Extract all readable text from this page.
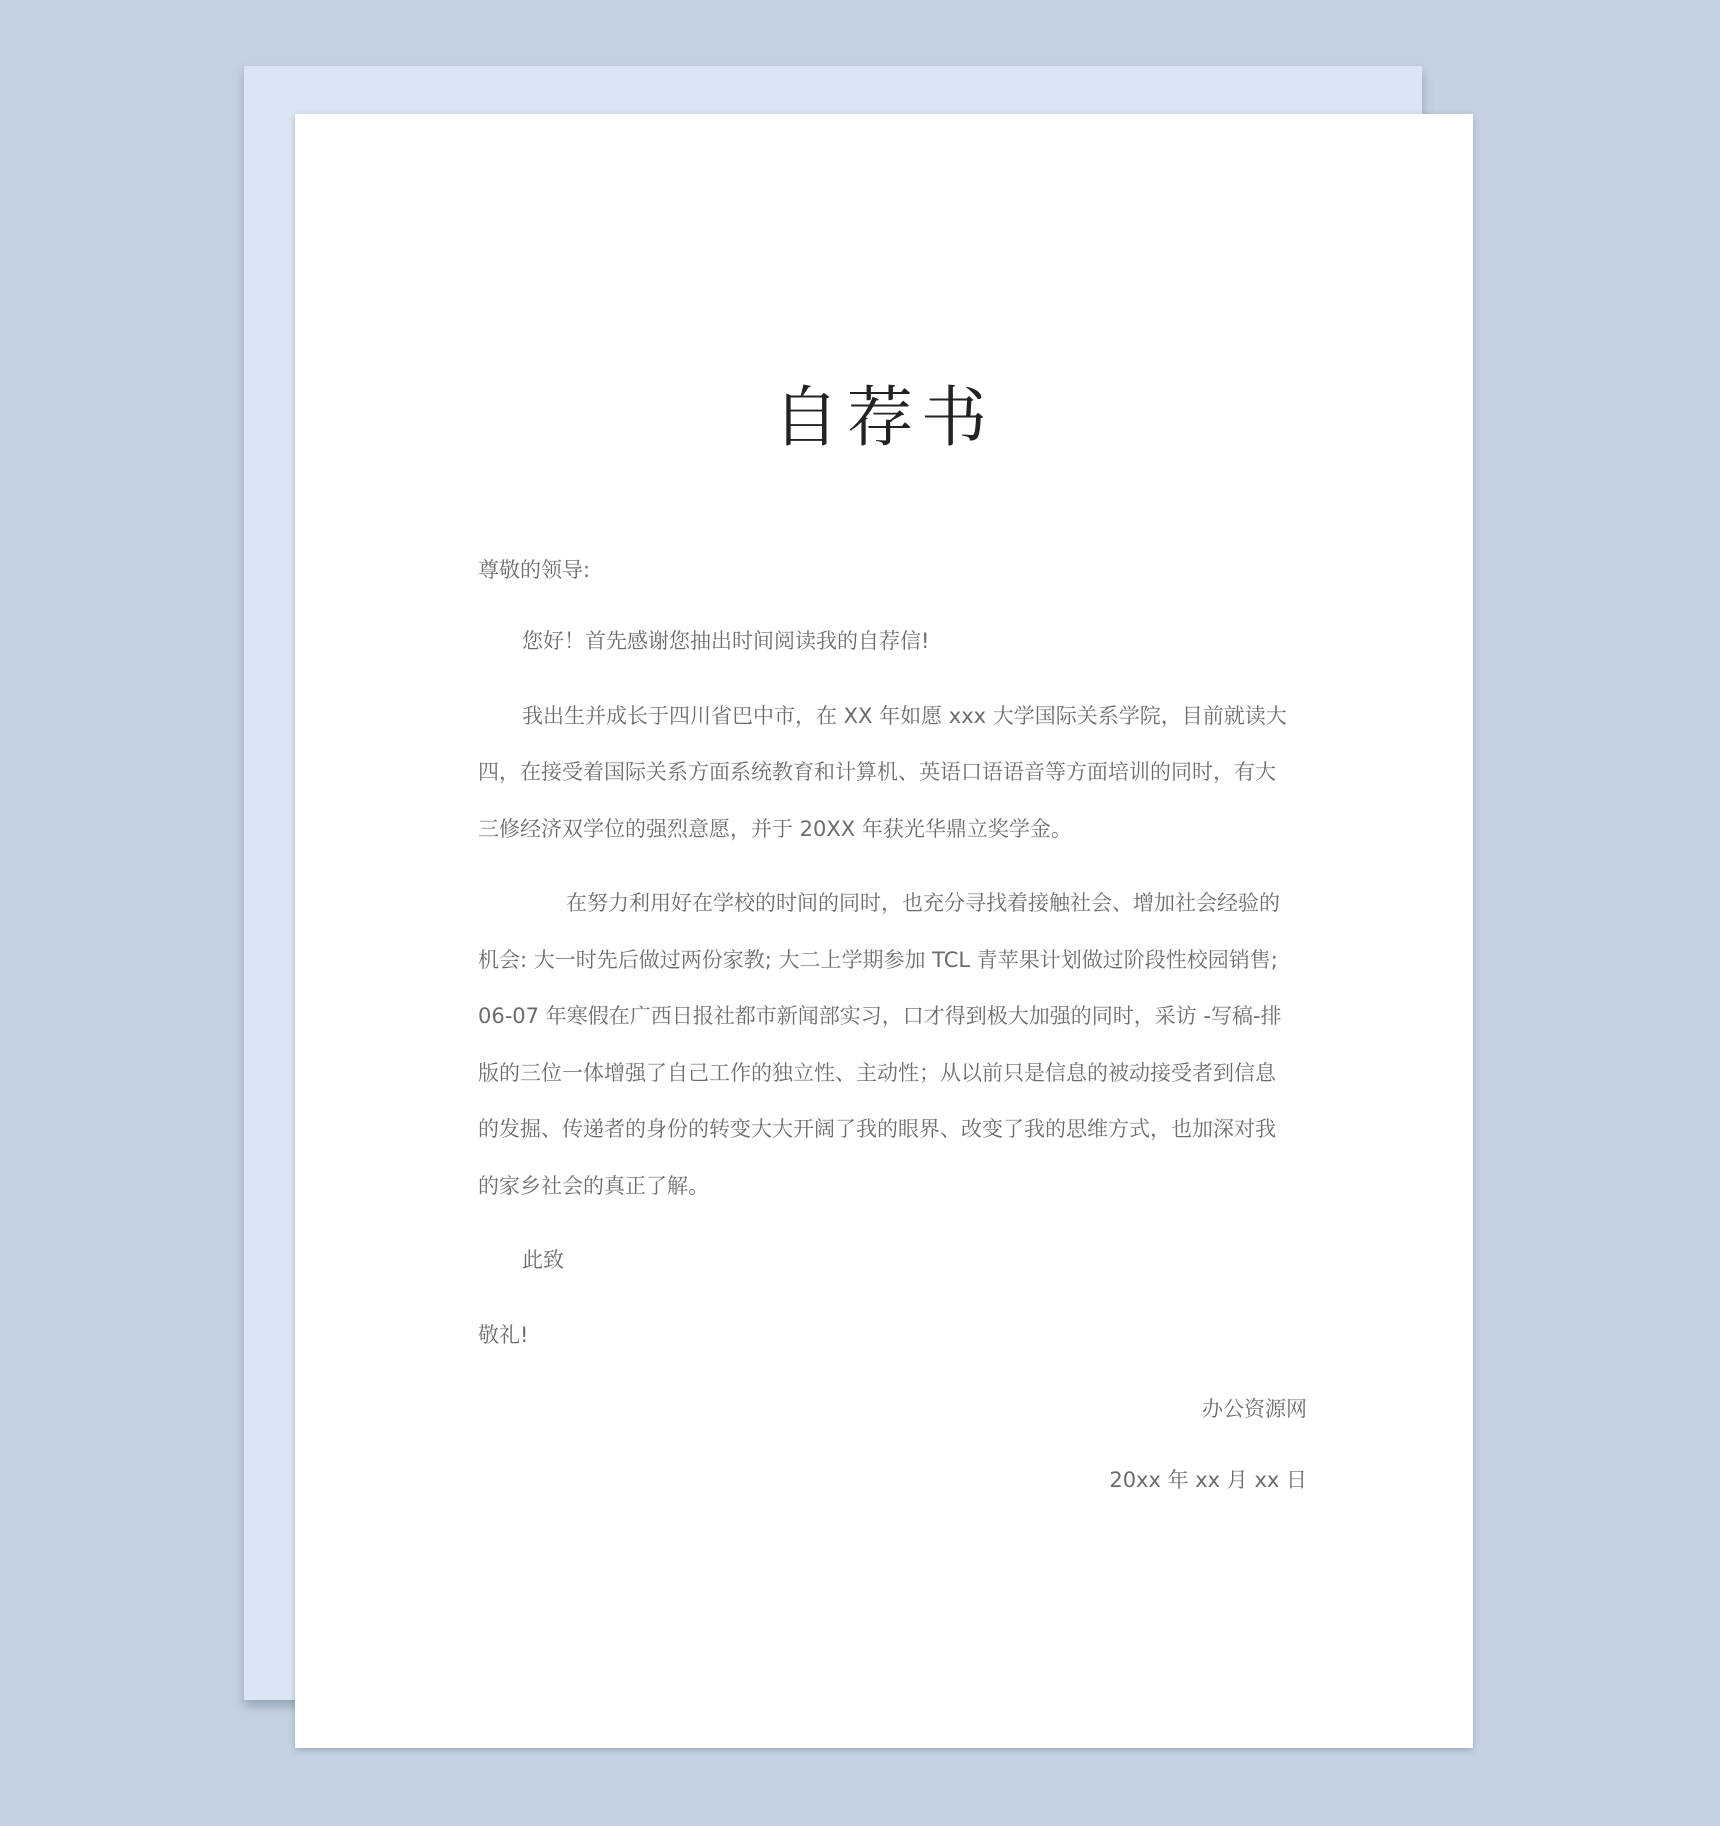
自荐书

尊敬的领导:

您好！首先感谢您抽出时间阅读我的自荐信!

我出生并成长于四川省巴中市，在 XX 年如愿 xxx 大学国际关系学院，目前就读大

四，在接受着国际关系方面系统教育和计算机、英语口语语音等方面培训的同时，有大

三修经济双学位的强烈意愿，并于 20XX 年获光华鼎立奖学金。

在努力利用好在学校的时间的同时，也充分寻找着接触社会、增加社会经验的

机会: 大一时先后做过两份家教; 大二上学期参加 TCL 青苹果计划做过阶段性校园销售;

06-07 年寒假在广西日报社都市新闻部实习，口才得到极大加强的同时，采访 -写稿-排

版的三位一体增强了自己工作的独立性、主动性；从以前只是信息的被动接受者到信息

的发掘、传递者的身份的转变大大开阔了我的眼界、改变了我的思维方式，也加深对我

的家乡社会的真正了解。

此致

敬礼!

办公资源网

20xx 年 xx 月 xx 日
